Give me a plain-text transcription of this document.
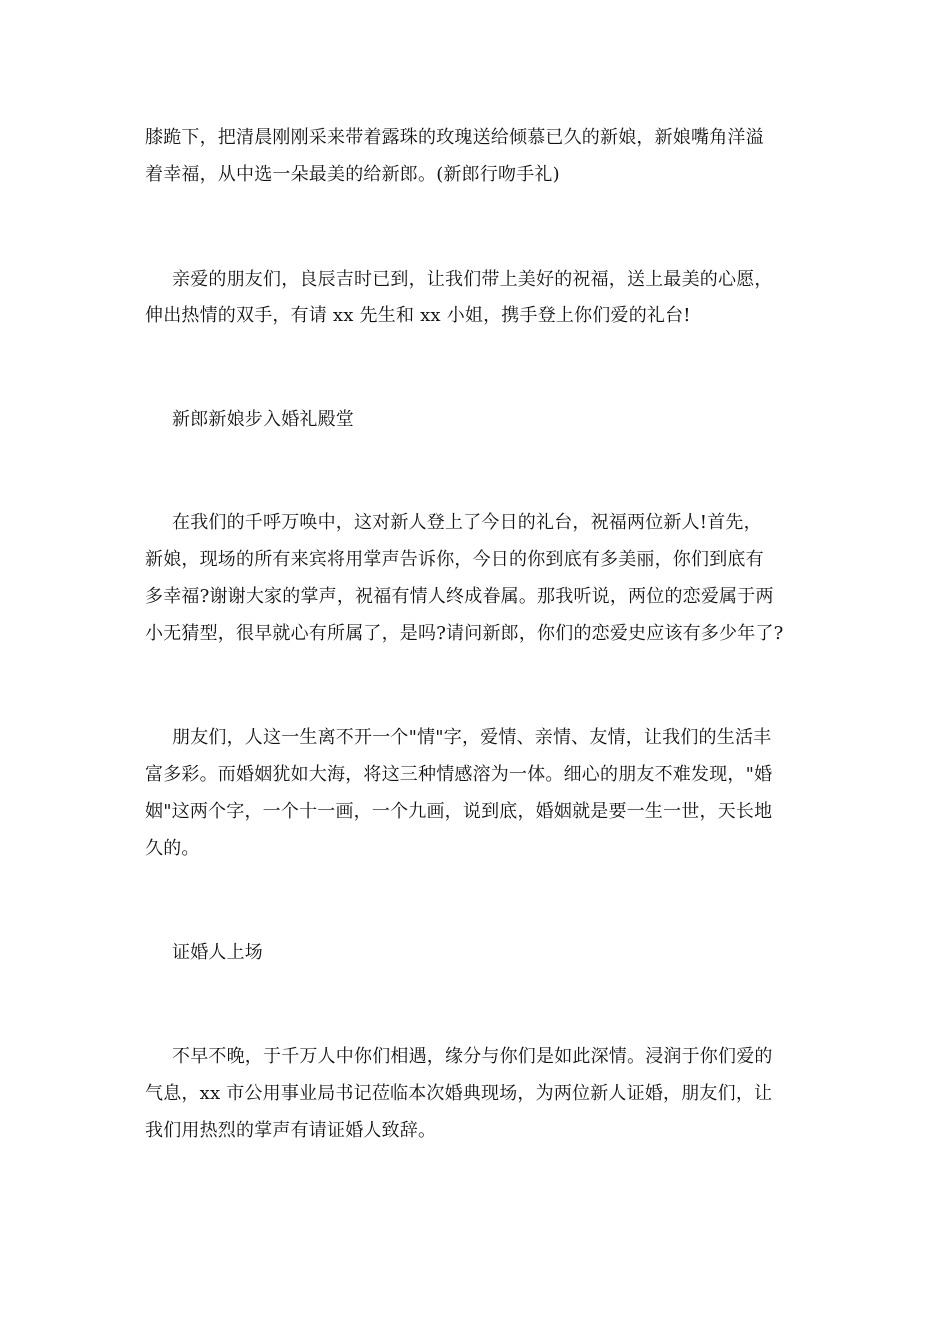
膝跪下，把清晨刚刚采来带着露珠的玫瑰送给倾慕已久的新娘，新娘嘴角洋溢
着幸福，从中选一朵最美的给新郎。(新郎行吻手礼)
亲爱的朋友们，良辰吉时已到，让我们带上美好的祝福，送上最美的心愿，
伸出热情的双手，有请 xx 先生和 xx 小姐，携手登上你们爱的礼台!
新郎新娘步入婚礼殿堂
在我们的千呼万唤中，这对新人登上了今日的礼台，祝福两位新人!首先，
新娘，现场的所有来宾将用掌声告诉你，今日的你到底有多美丽，你们到底有
多幸福?谢谢大家的掌声，祝福有情人终成眷属。那我听说，两位的恋爱属于两
小无猜型，很早就心有所属了，是吗?请问新郎，你们的恋爱史应该有多少年了?
朋友们，人这一生离不开一个"情"字，爱情、亲情、友情，让我们的生活丰
富多彩。而婚姻犹如大海，将这三种情感溶为一体。细心的朋友不难发现，"婚
姻"这两个字，一个十一画，一个九画，说到底，婚姻就是要一生一世，天长地
久的。
证婚人上场
不早不晚，于千万人中你们相遇，缘分与你们是如此深情。浸润于你们爱的
气息，xx 市公用事业局书记莅临本次婚典现场，为两位新人证婚，朋友们，让
我们用热烈的掌声有请证婚人致辞。
